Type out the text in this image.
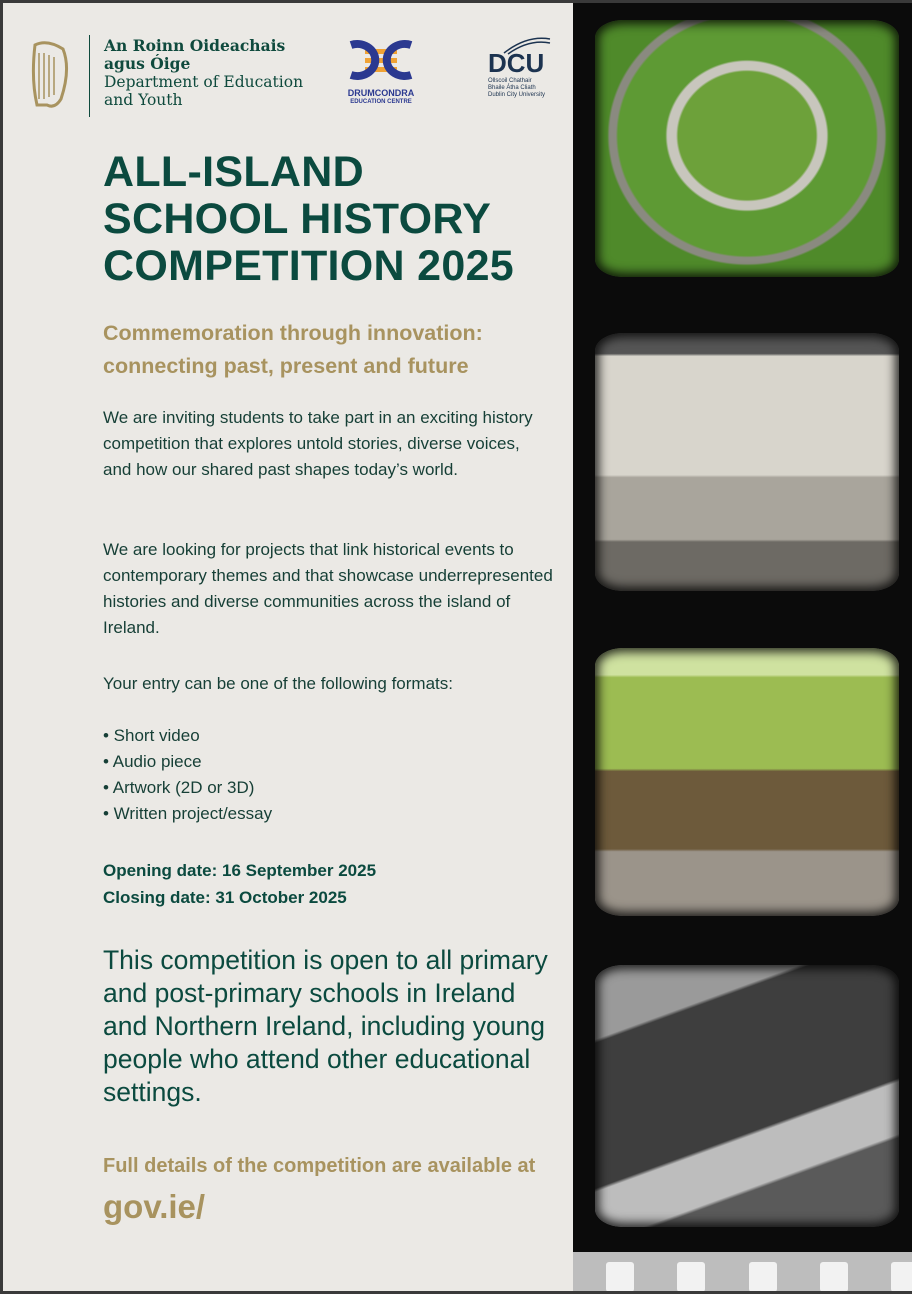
An Roinn Oideachais
agus Óige
Department of Education
and Youth	DRUMCONDRA
EDUCATION CENTRE
DCU
Ollscoil Chathair
Bhaile Átha Cliath
Dublin City University
ALL-ISLAND
SCHOOL HISTORY
COMPETITION 2025
Commemoration through innovation:
connecting past, present and future
We are inviting students to take part in an exciting history competition that explores untold stories, diverse voices, and how our shared past shapes today’s world.
We are looking for projects that link historical events to contemporary themes and that showcase underrepresented histories and diverse communities across the island of Ireland.
Your entry can be one of the following formats:
• Short video
• Audio piece
• Artwork (2D or 3D)
• Written project/essay
Opening date: 16 September 2025
Closing date: 31 October 2025
This competition is open to all primary and post-primary schools in Ireland and Northern Ireland, including young people who attend other educational settings.
Full details of the competition are available at
gov.ie/
